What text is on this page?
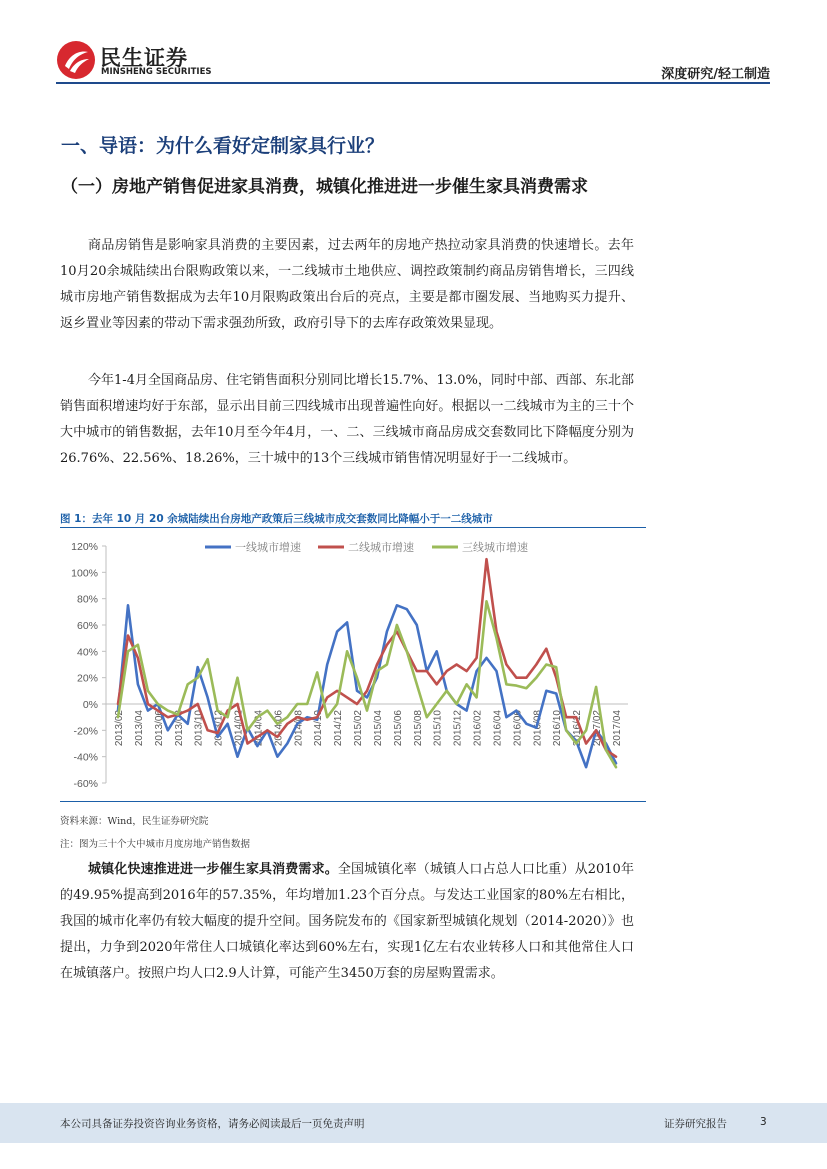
民生证券
MINSHENG SECURITIES	深度研究/轻工制造
一、导语：为什么看好定制家具行业？
（一）房地产销售促进家具消费，城镇化推进进一步催生家具消费需求

商品房销售是影响家具消费的主要因素，过去两年的房地产热拉动家具消费的快速增长。去年10月20余城陆续出台限购政策以来，一二线城市土地供应、调控政策制约商品房销售增长，三四线城市房地产销售数据成为去年10月限购政策出台后的亮点，主要是都市圈发展、当地购买力提升、返乡置业等因素的带动下需求强劲所致，政府引导下的去库存政策效果显现。

今年1-4月全国商品房、住宅销售面积分别同比增长15.7%、13.0%，同时中部、西部、东北部销售面积增速均好于东部，显示出目前三四线城市出现普遍性向好。根据以一二线城市为主的三十个大中城市的销售数据，去年10月至今年4月，一、二、三线城市商品房成交套数同比下降幅度分别为26.76%、22.56%、18.26%，三十城中的13个三线城市销售情况明显好于一二线城市。

图 1：去年 10 月 20 余城陆续出台房地产政策后三线城市成交套数同比降幅小于一二线城市
120%
100%
80%
60%
40%
20%
0%
-20%
-40%
-60%
2013/02 2013/04 2013/06 2013/08 2013/10 2013/12 2014/02 2014/04 2014/06 2014/08 2014/10 2014/12 2015/02 2015/04 2015/06 2015/08 2015/10 2015/12 2016/02 2016/04 2016/06 2016/08 2016/10 2016/12 2017/02 2017/04
一线城市增速	二线城市增速	三线城市增速
资料来源：Wind，民生证券研究院
注：图为三十个大中城市月度房地产销售数据

城镇化快速推进进一步催生家具消费需求。全国城镇化率（城镇人口占总人口比重）从2010年的49.95%提高到2016年的57.35%，年均增加1.23个百分点。与发达工业国家的80%左右相比，我国的城市化率仍有较大幅度的提升空间。国务院发布的《国家新型城镇化规划（2014-2020）》也提出，力争到2020年常住人口城镇化率达到60%左右，实现1亿左右农业转移人口和其他常住人口在城镇落户。按照户均人口2.9人计算，可能产生3450万套的房屋购置需求。

本公司具备证券投资咨询业务资格，请务必阅读最后一页免责声明	证券研究报告	3
